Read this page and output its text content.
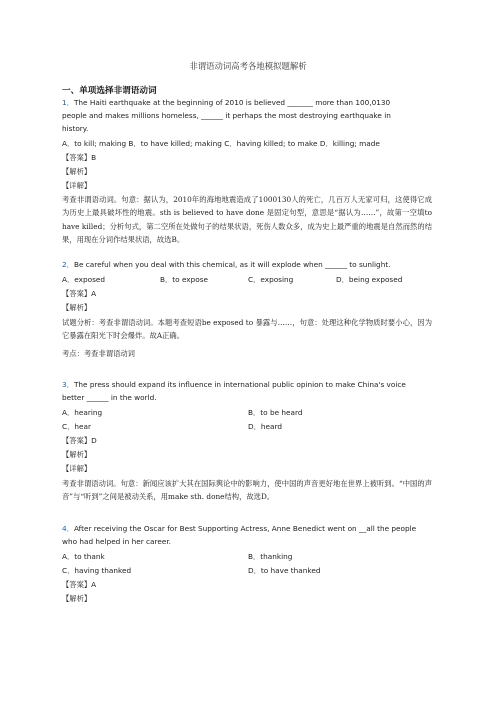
非谓语动词高考各地模拟题解析
一、单项选择非谓语动词
1．The Haiti earthquake at the beginning of 2010 is believed _______ more than 100,0130
people and makes millions homeless, ______ it perhaps the most destroying earthquake in
history.
A．to kill; making B．to have killed; making C．having killed; to make D．killing; made
【答案】B
【解析】
【详解】
考查非谓语动词。句意：据认为，2010年的海地地震造成了1000130人的死亡，几百万人无家可归，这使得它成为历史上最具破坏性的地震。sth is believed to have done 是固定句型，意思是“据认为……”，故第一空填to have killed；分析句式，第二空所在处做句子的结果状语，死伤人数众多，成为史上最严重的地震是自然而然的结果，用现在分词作结果状语，故选B。
2．Be careful when you deal with this chemical, as it will explode when ______ to sunlight.
A．exposed	B．to expose	C．exposing	D．being exposed
【答案】A
【解析】
试题分析：考查非谓语动词。本题考查短语be exposed to 暴露与……，句意：处理这种化学物质时要小心，因为它暴露在阳光下时会爆炸。故A正确。
考点：考查非谓语动词
3．The press should expand its influence in international public opinion to make China's voice
better ______ in the world.
A．hearing	B．to be heard
C．hear	D．heard
【答案】D
【解析】
【详解】
考查非谓语动词。句意：新闻应该扩大其在国际舆论中的影响力，使中国的声音更好地在世界上被听到。“中国的声音”与“听到”之间是被动关系，用make sth. done结构，故选D。
4．After receiving the Oscar for Best Supporting Actress, Anne Benedict went on __all the people
who had helped in her career.
A．to thank	B．thanking
C．having thanked	D．to have thanked
【答案】A
【解析】
